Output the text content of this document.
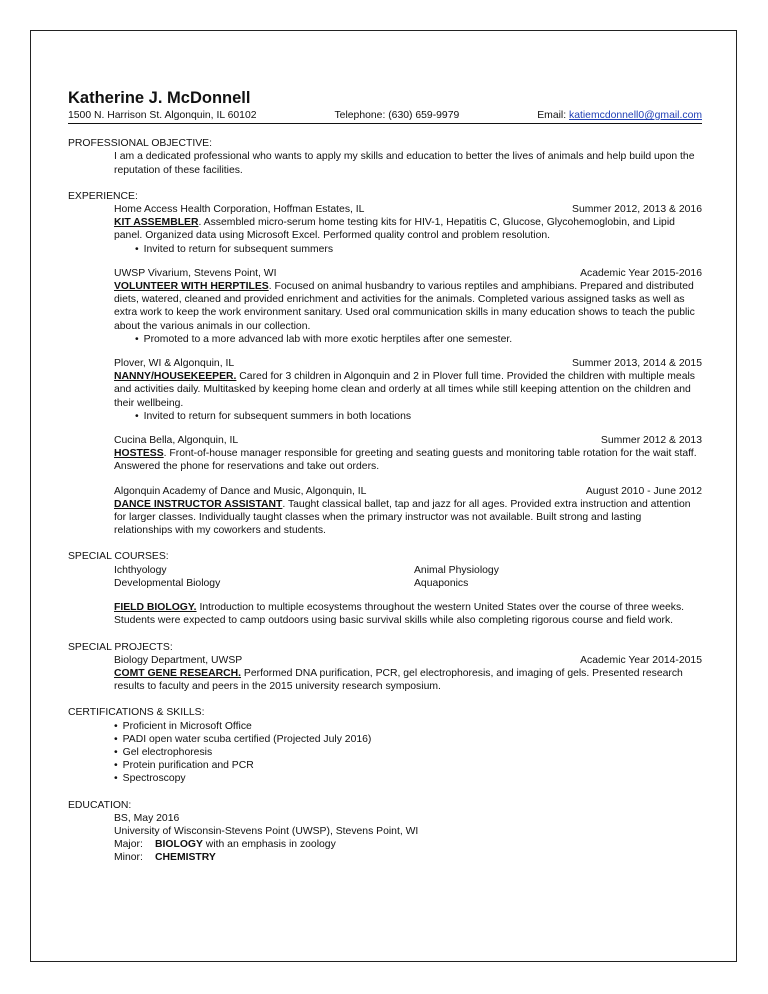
Katherine J. McDonnell
1500 N. Harrison St. Algonquin, IL 60102	Telephone: (630) 659-9979	Email: katiemcdonnell0@gmail.com
PROFESSIONAL OBJECTIVE:
I am a dedicated professional who wants to apply my skills and education to better the lives of animals and help build upon the reputation of these facilities.
EXPERIENCE:
Home Access Health Corporation, Hoffman Estates, IL	Summer 2012, 2013 & 2016
KIT ASSEMBLER. Assembled micro-serum home testing kits for HIV-1, Hepatitis C, Glucose, Glycohemoglobin, and Lipid panel. Organized data using Microsoft Excel. Performed quality control and problem resolution.
• Invited to return for subsequent summers
UWSP Vivarium, Stevens Point, WI	Academic Year 2015-2016
VOLUNTEER WITH HERPTILES. Focused on animal husbandry to various reptiles and amphibians. Prepared and distributed diets, watered, cleaned and provided enrichment and activities for the animals. Completed various assigned tasks as well as extra work to keep the work environment sanitary. Used oral communication skills in many education shows to teach the public about the various animals in our collection.
• Promoted to a more advanced lab with more exotic herptiles after one semester.
Plover, WI & Algonquin, IL	Summer 2013, 2014 & 2015
NANNY/HOUSEKEEPER. Cared for 3 children in Algonquin and 2 in Plover full time. Provided the children with multiple meals and activities daily. Multitasked by keeping home clean and orderly at all times while still keeping attention on the children and their wellbeing.
• Invited to return for subsequent summers in both locations
Cucina Bella, Algonquin, IL	Summer 2012 & 2013
HOSTESS. Front-of-house manager responsible for greeting and seating guests and monitoring table rotation for the wait staff. Answered the phone for reservations and take out orders.
Algonquin Academy of Dance and Music, Algonquin, IL	August 2010 - June 2012
DANCE INSTRUCTOR ASSISTANT. Taught classical ballet, tap and jazz for all ages. Provided extra instruction and attention for larger classes. Individually taught classes when the primary instructor was not available. Built strong and lasting relationships with my coworkers and students.
SPECIAL COURSES:
Ichthyology	Animal Physiology
Developmental Biology	Aquaponics
FIELD BIOLOGY. Introduction to multiple ecosystems throughout the western United States over the course of three weeks. Students were expected to camp outdoors using basic survival skills while also completing rigorous course and field work.
SPECIAL PROJECTS:
Biology Department, UWSP	Academic Year 2014-2015
COMT GENE RESEARCH. Performed DNA purification, PCR, gel electrophoresis, and imaging of gels. Presented research results to faculty and peers in the 2015 university research symposium.
CERTIFICATIONS & SKILLS:
• Proficient in Microsoft Office
• PADI open water scuba certified (Projected July 2016)
• Gel electrophoresis
• Protein purification and PCR
• Spectroscopy
EDUCATION:
BS, May 2016
University of Wisconsin-Stevens Point (UWSP), Stevens Point, WI
Major: BIOLOGY with an emphasis in zoology
Minor: CHEMISTRY
